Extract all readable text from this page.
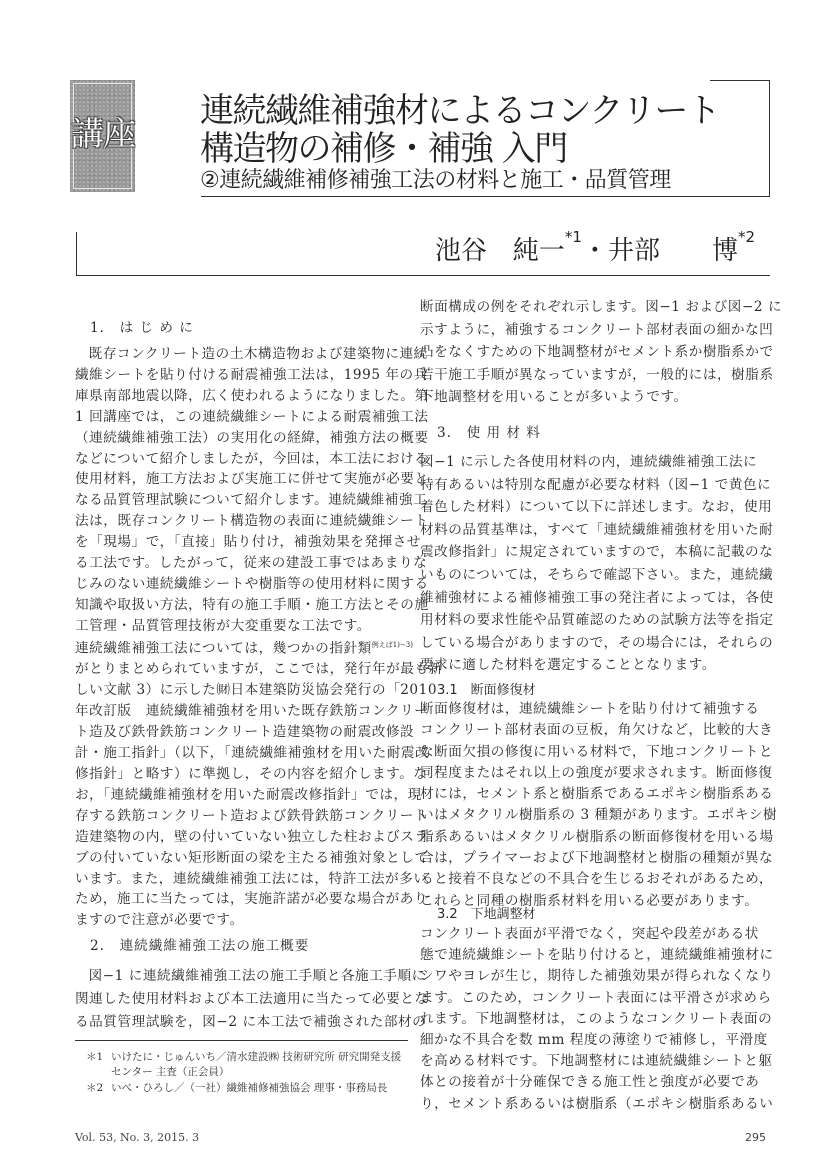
講座
連続繊維補強材によるコンクリート
構造物の補修・補強 入門
②連続繊維補修補強工法の材料と施工・品質管理
池谷　純一$^{*1}$・井部　　博$^{*2}$
1.　は じ め に
既存コンクリート造の土木構造物および建築物に連続
繊維シートを貼り付ける耐震補強工法は，1995 年の兵
庫県南部地震以降，広く使われるようになりました。第
1 回講座では，この連続繊維シートによる耐震補強工法
（連続繊維補強工法）の実用化の経緯，補強方法の概要
などについて紹介しましたが，今回は，本工法における
使用材料，施工方法および実施工に併せて実施が必要と
なる品質管理試験について紹介します。連続繊維補強工
法は，既存コンクリート構造物の表面に連続繊維シート
を「現場」で，「直接」貼り付け，補強効果を発揮させ
る工法です。したがって，従来の建設工事ではあまりな
じみのない連続繊維シートや樹脂等の使用材料に関する
知識や取扱い方法，特有の施工手順・施工方法とその施
工管理・品質管理技術が大変重要な工法です。
連続繊維補強工法については，幾つかの指針類$^{例えば1)-3)}$
がとりまとめられていますが，ここでは，発行年が最も新
しい文献 3）に示した㈶日本建築防災協会発行の「2010
年改訂版　連続繊維補強材を用いた既存鉄筋コンクリー
ト造及び鉄骨鉄筋コンクリート造建築物の耐震改修設
計・施工指針」（以下，「連続繊維補強材を用いた耐震改
修指針」と略す）に準拠し，その内容を紹介します。な
お，「連続繊維補強材を用いた耐震改修指針」では，現
存する鉄筋コンクリート造および鉄骨鉄筋コンクリート
造建築物の内，壁の付いていない独立した柱およびスラ
ブの付いていない矩形断面の梁を主たる補強対象として
います。また，連続繊維補強工法には，特許工法が多い
ため，施工に当たっては，実施許諾が必要な場合があり
ますので注意が必要です。
2.　連続繊維補強工法の施工概要
図−1 に連続繊維補強工法の施工手順と各施工手順に
関連した使用材料および本工法適用に当たって必要とな
る品質管理試験を，図−2 に本工法で補強された部材の
＊1 いけたに・じゅんいち／清水建設㈱ 技術研究所 研究開発支援
センター 主査（正会員）
＊2 いべ・ひろし／（一社）繊維補修補強協会 理事・事務局長
Vol. 53, No. 3, 2015. 3
断面構成の例をそれぞれ示します。図−1 および図−2 に
示すように，補強するコンクリート部材表面の細かな凹
凸をなくすための下地調整材がセメント系か樹脂系かで
若干施工手順が異なっていますが，一般的には，樹脂系
下地調整材を用いることが多いようです。
3.　使 用 材 料
図−1 に示した各使用材料の内，連続繊維補強工法に
特有あるいは特別な配慮が必要な材料（図−1 で黄色に
着色した材料）について以下に詳述します。なお，使用
材料の品質基準は，すべて「連続繊維補強材を用いた耐
震改修指針」に規定されていますので，本稿に記載のな
いものについては，そちらで確認下さい。また，連続繊
維補強材による補修補強工事の発注者によっては，各使
用材料の要求性能や品質確認のための試験方法等を指定
している場合がありますので，その場合には，それらの
要求に適した材料を選定することとなります。
3.1　断面修復材
断面修復材は，連続繊維シートを貼り付けて補強する
コンクリート部材表面の豆板，角欠けなど，比較的大き
な断面欠損の修復に用いる材料で，下地コンクリートと
同程度またはそれ以上の強度が要求されます。断面修復
材には，セメント系と樹脂系であるエポキシ樹脂系ある
いはメタクリル樹脂系の 3 種類があります。エポキシ樹
脂系あるいはメタクリル樹脂系の断面修復材を用いる場
合は，プライマーおよび下地調整材と樹脂の種類が異な
ると接着不良などの不具合を生じるおそれがあるため，
これらと同種の樹脂系材料を用いる必要があります。
3.2　下地調整材
コンクリート表面が平滑でなく，突起や段差がある状
態で連続繊維シートを貼り付けると，連続繊維補強材に
シワやヨレが生じ，期待した補強効果が得られなくなり
ます。このため，コンクリート表面には平滑さが求めら
れます。下地調整材は，このようなコンクリート表面の
細かな不具合を数 mm 程度の薄塗りで補修し，平滑度
を高める材料です。下地調整材には連続繊維シートと躯
体との接着が十分確保できる施工性と強度が必要であ
り，セメント系あるいは樹脂系（エポキシ樹脂系あるい
295
